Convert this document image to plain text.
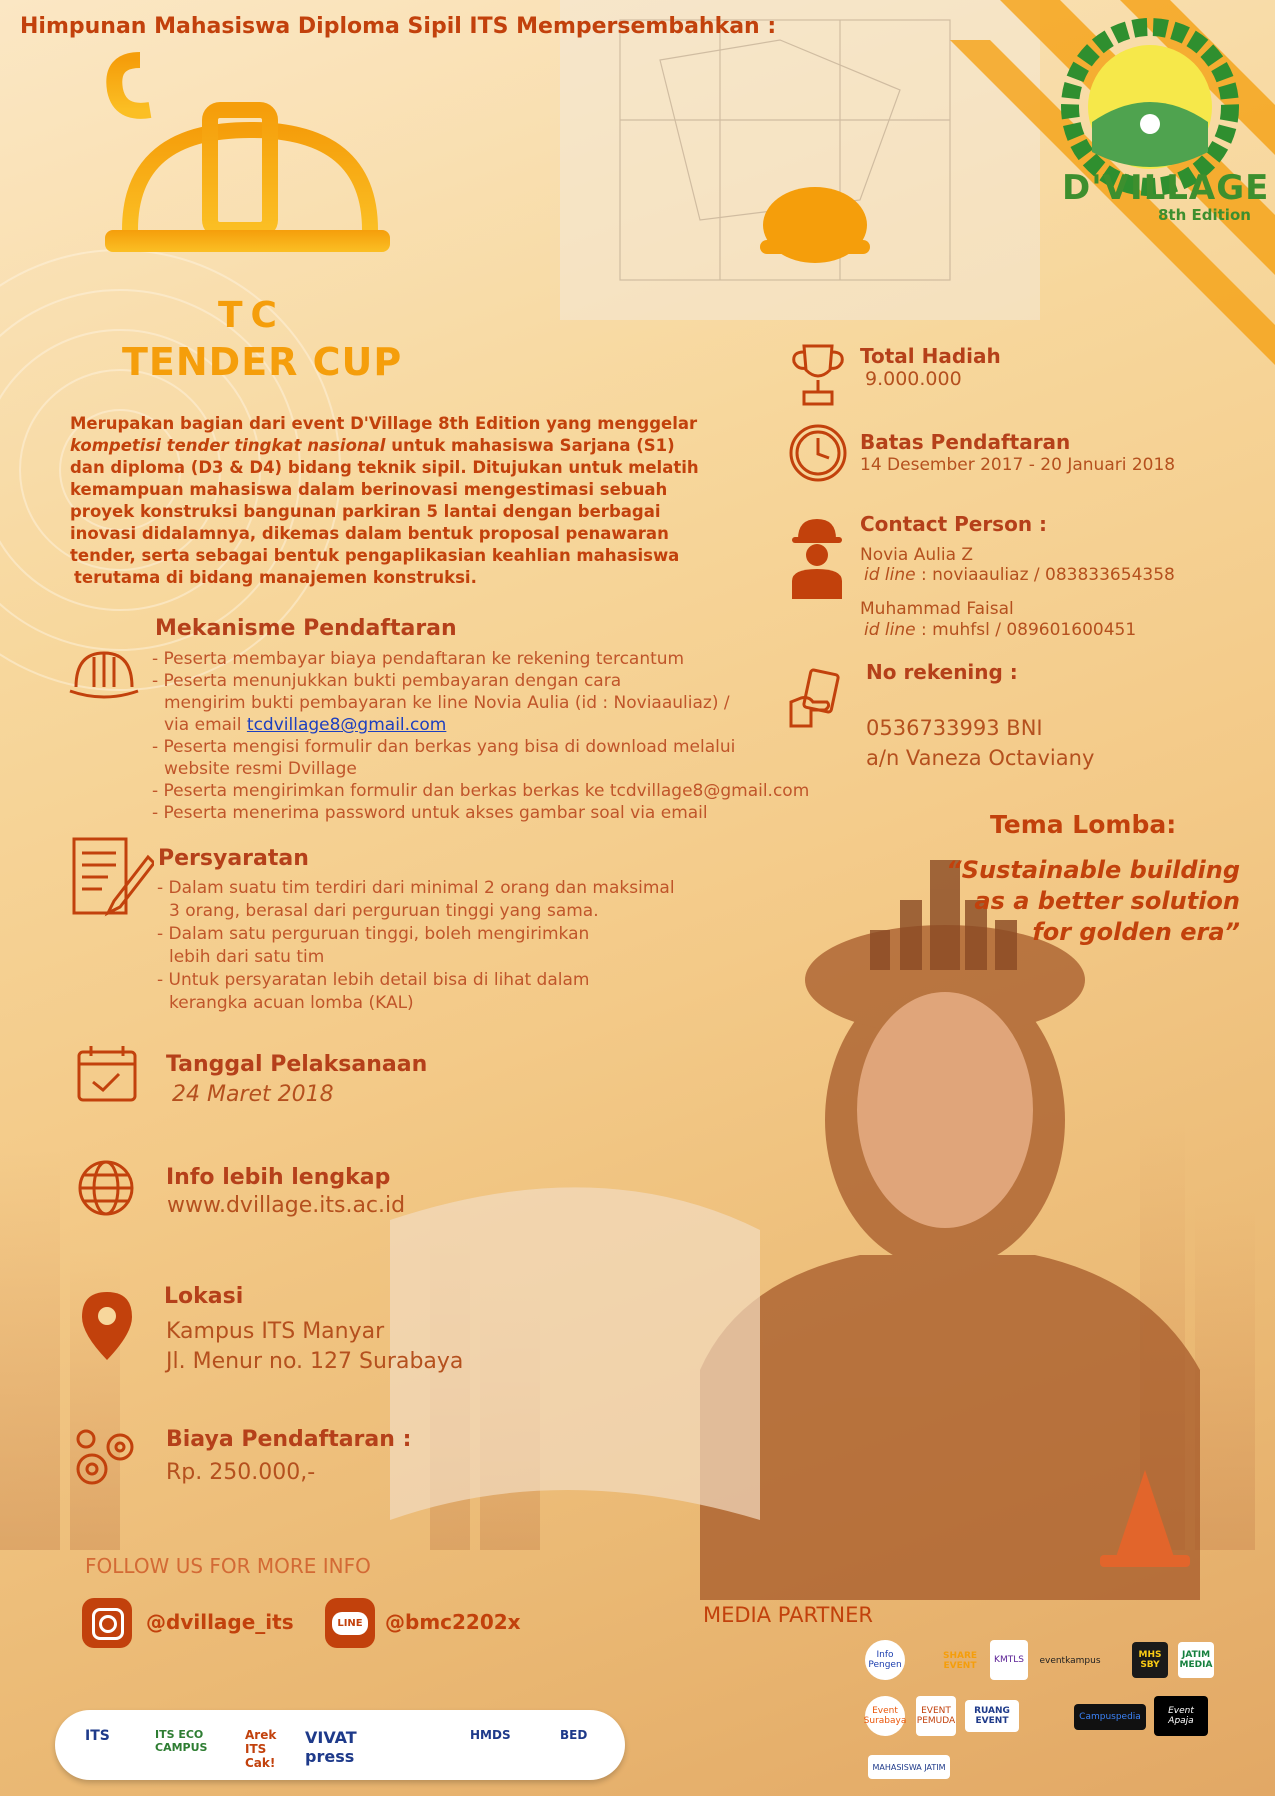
Himpunan Mahasiswa Diploma Sipil ITS Mempersembahkan :
TC
TENDER CUP
D'VILLAGE
8th Edition
Merupakan bagian dari event D'Village 8th Edition yang menggelar
kompetisi tender tingkat nasional untuk mahasiswa Sarjana (S1)
dan diploma (D3 & D4) bidang teknik sipil. Ditujukan untuk melatih
kemampuan mahasiswa dalam berinovasi mengestimasi sebuah
proyek konstruksi bangunan parkiran 5 lantai dengan berbagai
inovasi didalamnya, dikemas dalam bentuk proposal penawaran
tender, serta sebagai bentuk pengaplikasian keahlian mahasiswa
terutama di bidang manajemen konstruksi.
Mekanisme Pendaftaran
- Peserta membayar biaya pendaftaran ke rekening tercantum
- Peserta menunjukkan bukti pembayaran dengan cara
mengirim bukti pembayaran ke line Novia Aulia (id : Noviaauliaz) /
via email tcdvillage8@gmail.com
- Peserta mengisi formulir dan berkas yang bisa di download melalui
website resmi Dvillage
- Peserta mengirimkan formulir dan berkas berkas ke tcdvillage8@gmail.com
- Peserta menerima password untuk akses gambar soal via email
Persyaratan
- Dalam suatu tim terdiri dari minimal 2 orang dan maksimal
3 orang, berasal dari perguruan tinggi yang sama.
- Dalam satu perguruan tinggi, boleh mengirimkan
lebih dari satu tim
- Untuk persyaratan lebih detail bisa di lihat dalam
kerangka acuan lomba (KAL)
Tanggal Pelaksanaan
24 Maret 2018
Info lebih lengkap
www.dvillage.its.ac.id
Lokasi
Kampus ITS Manyar
Jl. Menur no. 127 Surabaya
Biaya Pendaftaran :
Rp. 250.000,-
FOLLOW US FOR MORE INFO
@dvillage_its	LINE @bmc2202x
ITS	ITS ECO CAMPUS
Arek ITS Cak!
VIVAT press
HMDS	BED
Total Hadiah
9.000.000
Batas Pendaftaran
14 Desember 2017 - 20 Januari 2018
Contact Person :
Novia Aulia Z
id line : noviaauliaz / 083833654358
Muhammad Faisal
id line : muhfsl / 089601600451
No rekening :
0536733993 BNI
a/n Vaneza Octaviany
Tema Lomba:
“Sustainable building
as a better solution
for golden era”
MEDIA PARTNER
Info Pengen
SHARE EVENT
KMTLS	eventkampus
MHS SBY
JATIM MEDIA
Event Surabaya
EVENT PEMUDA
RUANG EVENT	Campuspedia
Event Apaja
MAHASISWA JATIM
